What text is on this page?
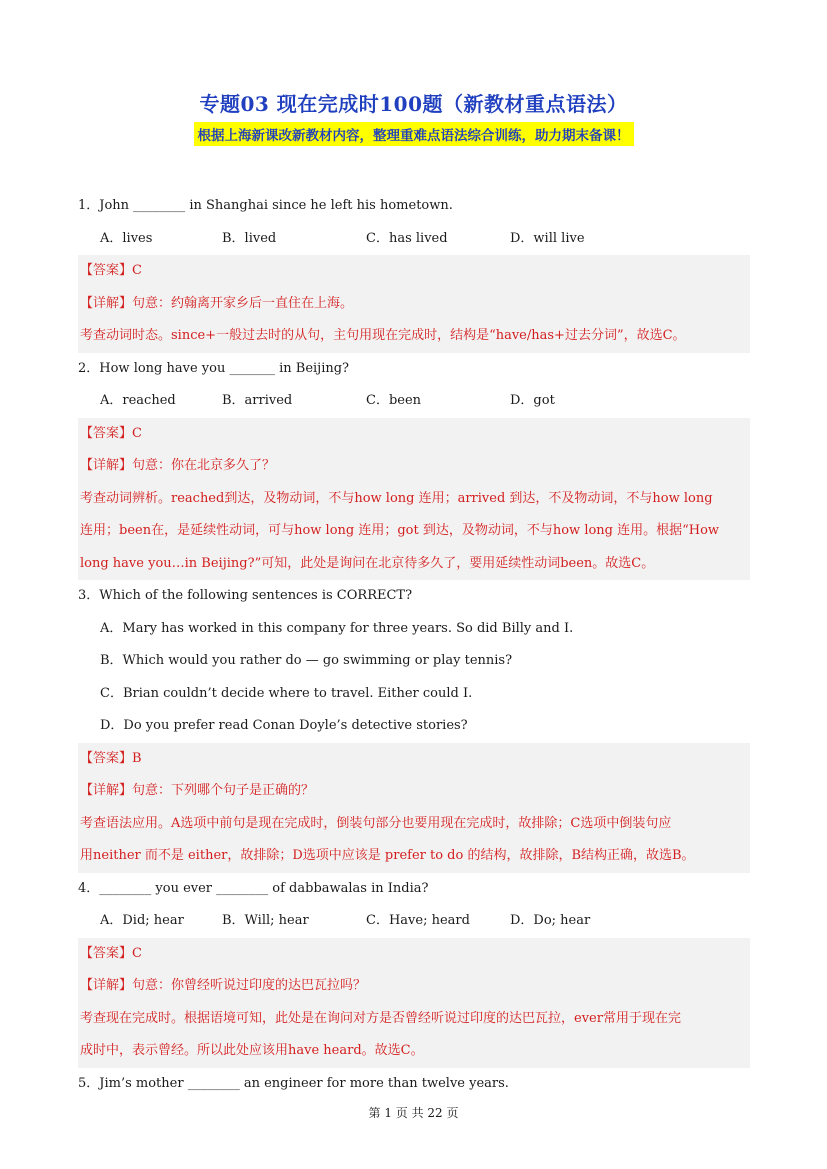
专题03 现在完成时100题（新教材重点语法）
根据上海新课改新教材内容，整理重难点语法综合训练，助力期末备课！
1．John ________ in Shanghai since he left his hometown.
A．lives	B．lived	C．has lived	D．will live
【答案】C
【详解】句意：约翰离开家乡后一直住在上海。
考查动词时态。since+一般过去时的从句，主句用现在完成时，结构是“have/has+过去分词”，故选C。
2．How long have you _______ in Beijing?
A．reached	B．arrived	C．been	D．got
【答案】C
【详解】句意：你在北京多久了？
考查动词辨析。reached到达，及物动词，不与how long 连用；arrived 到达，不及物动词，不与how long
连用；been在，是延续性动词，可与how long 连用；got 到达，及物动词，不与how long 连用。根据“How
long have you…in Beijing?”可知，此处是询问在北京待多久了，要用延续性动词been。故选C。
3．Which of the following sentences is CORRECT?
A．Mary has worked in this company for three years. So did Billy and I.
B．Which would you rather do — go swimming or play tennis?
C．Brian couldn’t decide where to travel. Either could I.
D．Do you prefer read Conan Doyle’s detective stories?
【答案】B
【详解】句意：下列哪个句子是正确的？
考查语法应用。A选项中前句是现在完成时，倒装句部分也要用现在完成时，故排除；C选项中倒装句应
用neither 而不是 either，故排除；D选项中应该是 prefer to do 的结构，故排除，B结构正确，故选B。
4．________ you ever ________ of dabbawalas in India?
A．Did; hear	B．Will; hear	C．Have; heard	D．Do; hear
【答案】C
【详解】句意：你曾经听说过印度的达巴瓦拉吗？
考查现在完成时。根据语境可知，此处是在询问对方是否曾经听说过印度的达巴瓦拉，ever常用于现在完
成时中，表示曾经。所以此处应该用have heard。故选C。
5．Jim’s mother ________ an engineer for more than twelve years.
第 1 页 共 22 页
